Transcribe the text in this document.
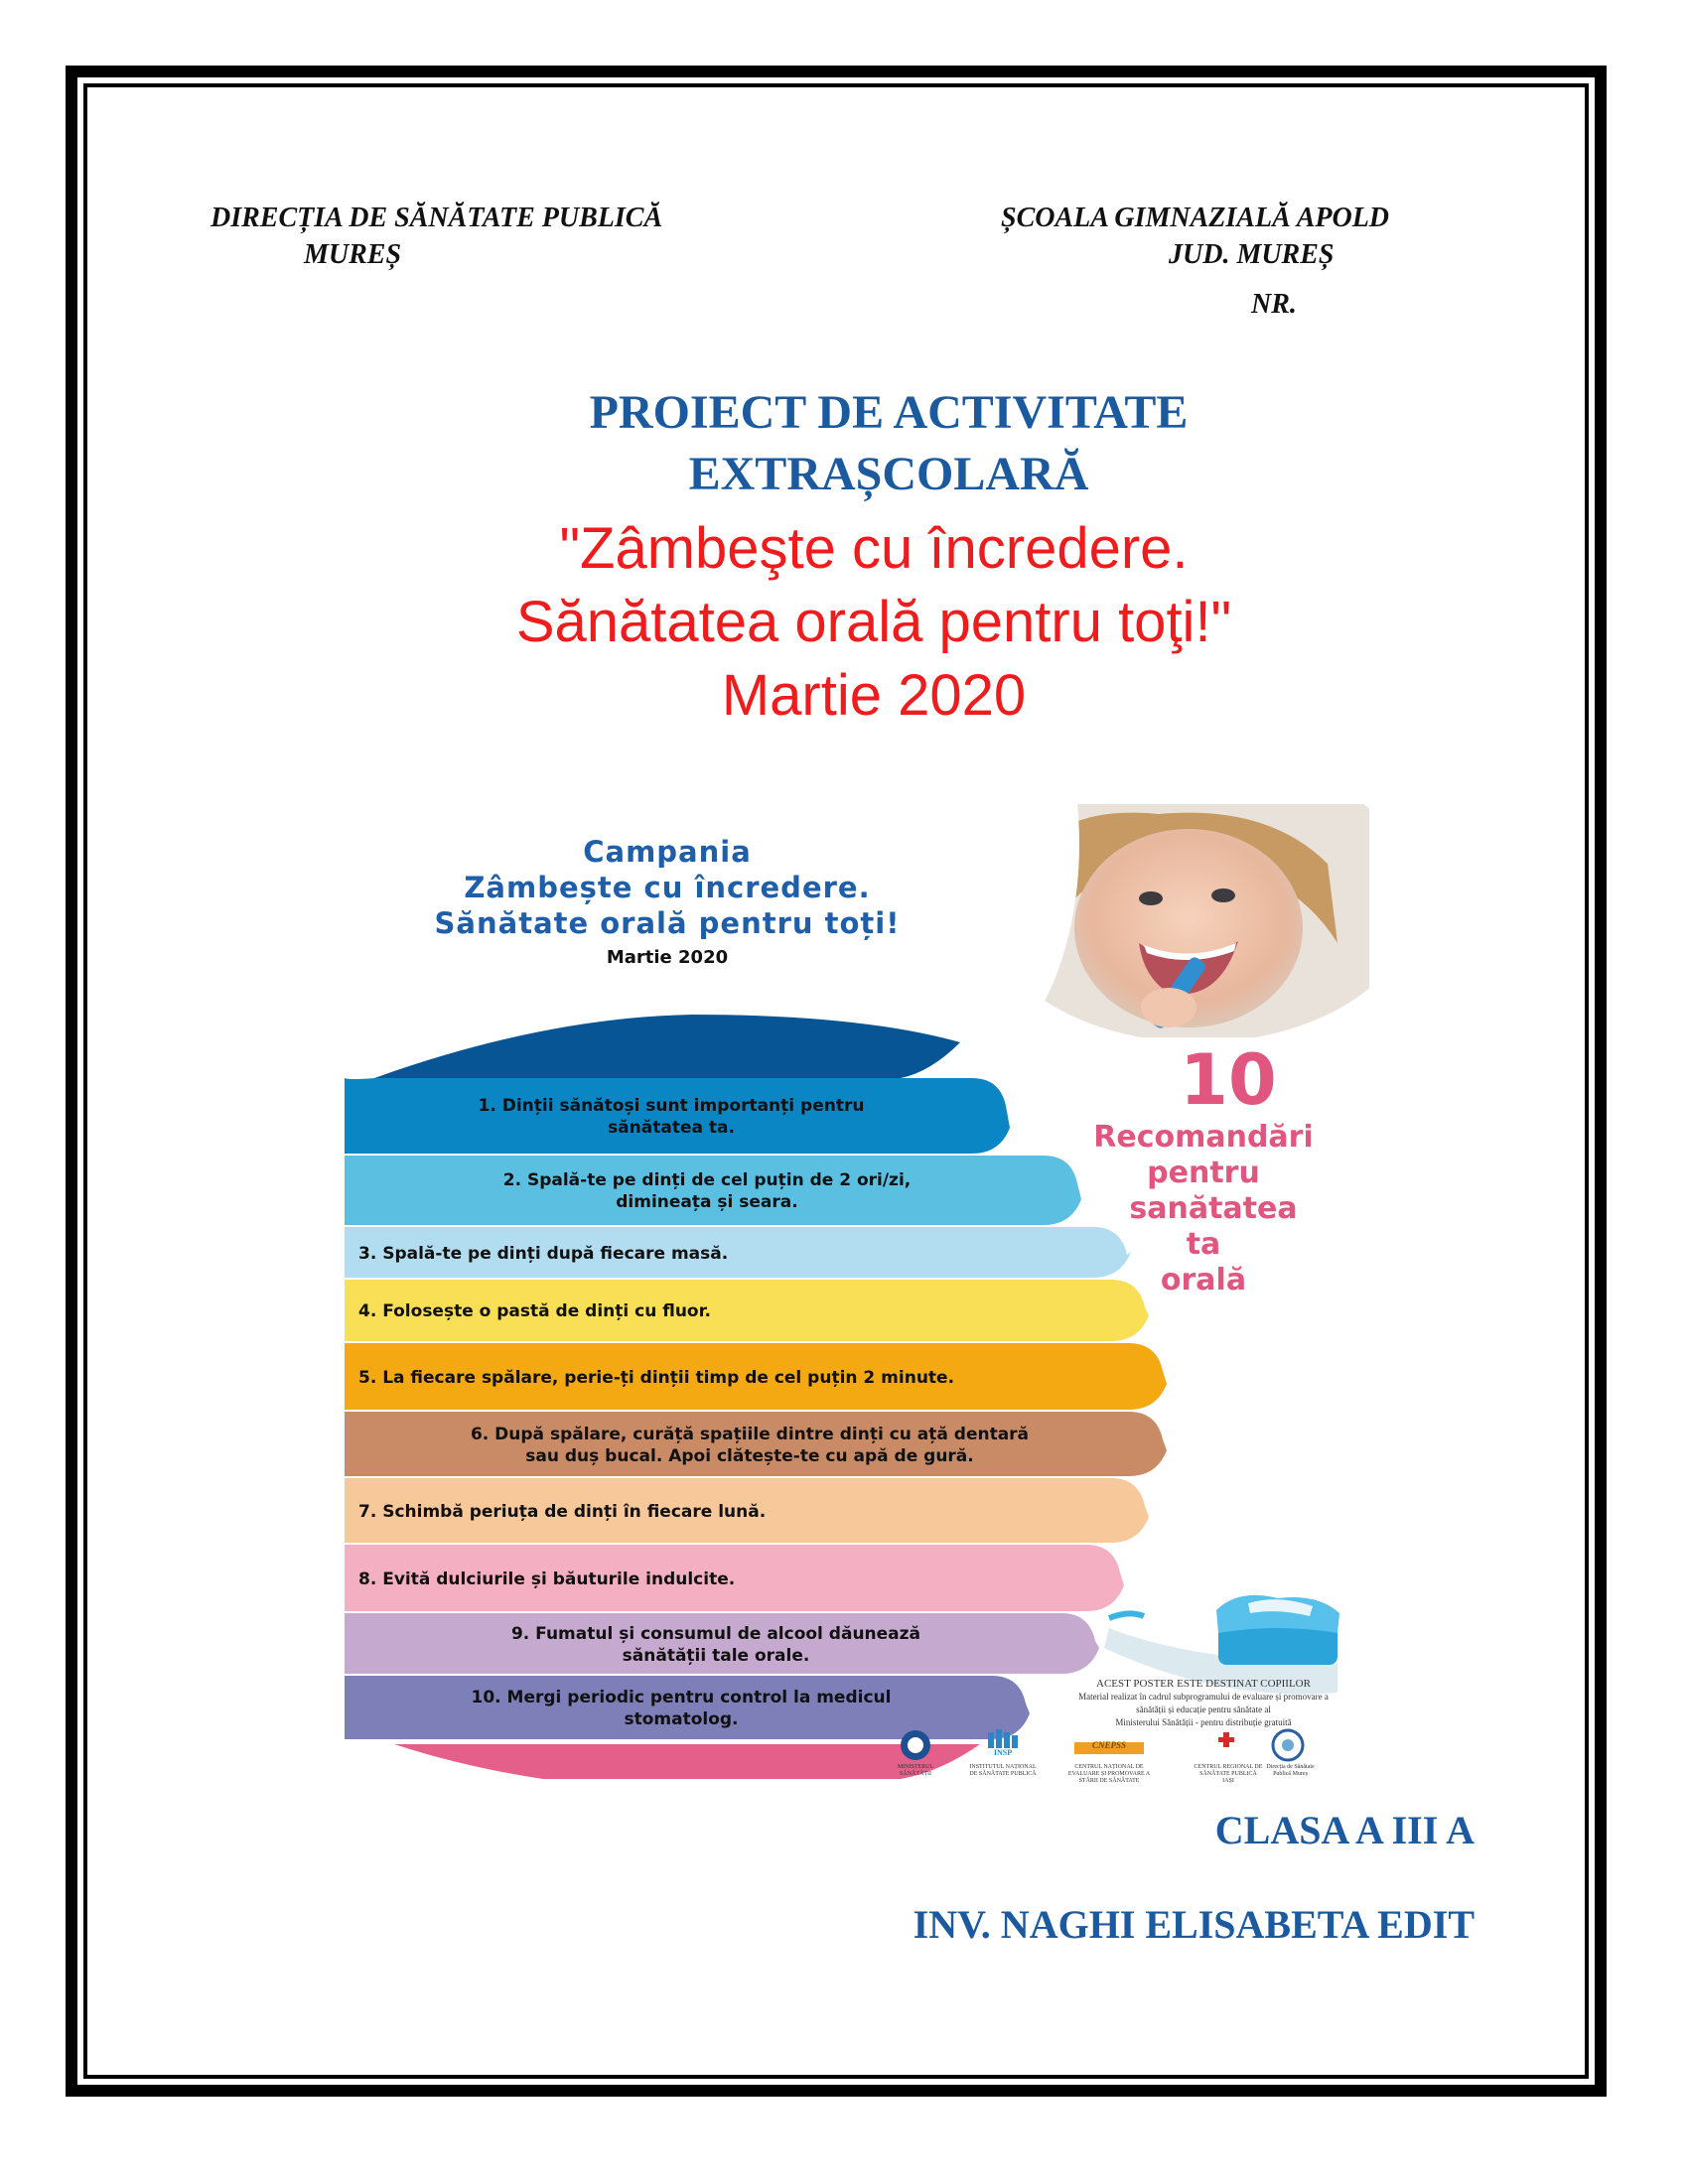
DIRECȚIA DE SĂNĂTATE PUBLICĂ
MUREȘ
ȘCOALA GIMNAZIALĂ APOLD
JUD. MUREȘ
NR.
PROIECT DE ACTIVITATE
EXTRAȘCOLARĂ
"Zâmbeşte cu încredere.
Sănătatea orală pentru toţi!"
Martie 2020
Campania
Zâmbește cu încredere.
Sănătate orală pentru toți!
Martie 2020
10
Recomandări
pentru
sanătatea
ta
orală
1. Dinții sănătoși sunt importanți pentru
sănătatea ta.
2. Spală-te pe dinți de cel puțin de 2 ori/zi,
dimineața și seara.
3. Spală-te pe dinți după fiecare masă.
4. Folosește o pastă de dinți cu fluor.
5. La fiecare spălare, perie-ți dinții timp de cel puțin 2 minute.
6. După spălare, curăță spațiile dintre dinți cu ață dentară
sau duș bucal. Apoi clătește-te cu apă de gură.
7. Schimbă periuța de dinți în fiecare lună.
8. Evită dulciurile și băuturile indulcite.
9. Fumatul și consumul de alcool dăunează
sănătății tale orale.
10. Mergi periodic pentru control la medicul
stomatolog.
ACEST POSTER ESTE DESTINAT COPIILOR
Material realizat în cadrul subprogramului de evaluare și promovare a
sănătății și educație pentru sănătate al
Ministerului Sănătății - pentru distribuție gratuită
MINISTERUL SĂNĂTĂȚII
INSP
INSTITUTUL NAȚIONAL DE SĂNĂTATE PUBLICĂ
CNEPSS
CENTRUL NAȚIONAL DE EVALUARE ȘI PROMOVARE A STĂRII DE SĂNĂTATE
CENTRUL REGIONAL DE SĂNĂTATE PUBLICĂ IAȘI
Direcția de Sănătate Publică Mureș
CLASA A III A
INV. NAGHI ELISABETA EDIT
